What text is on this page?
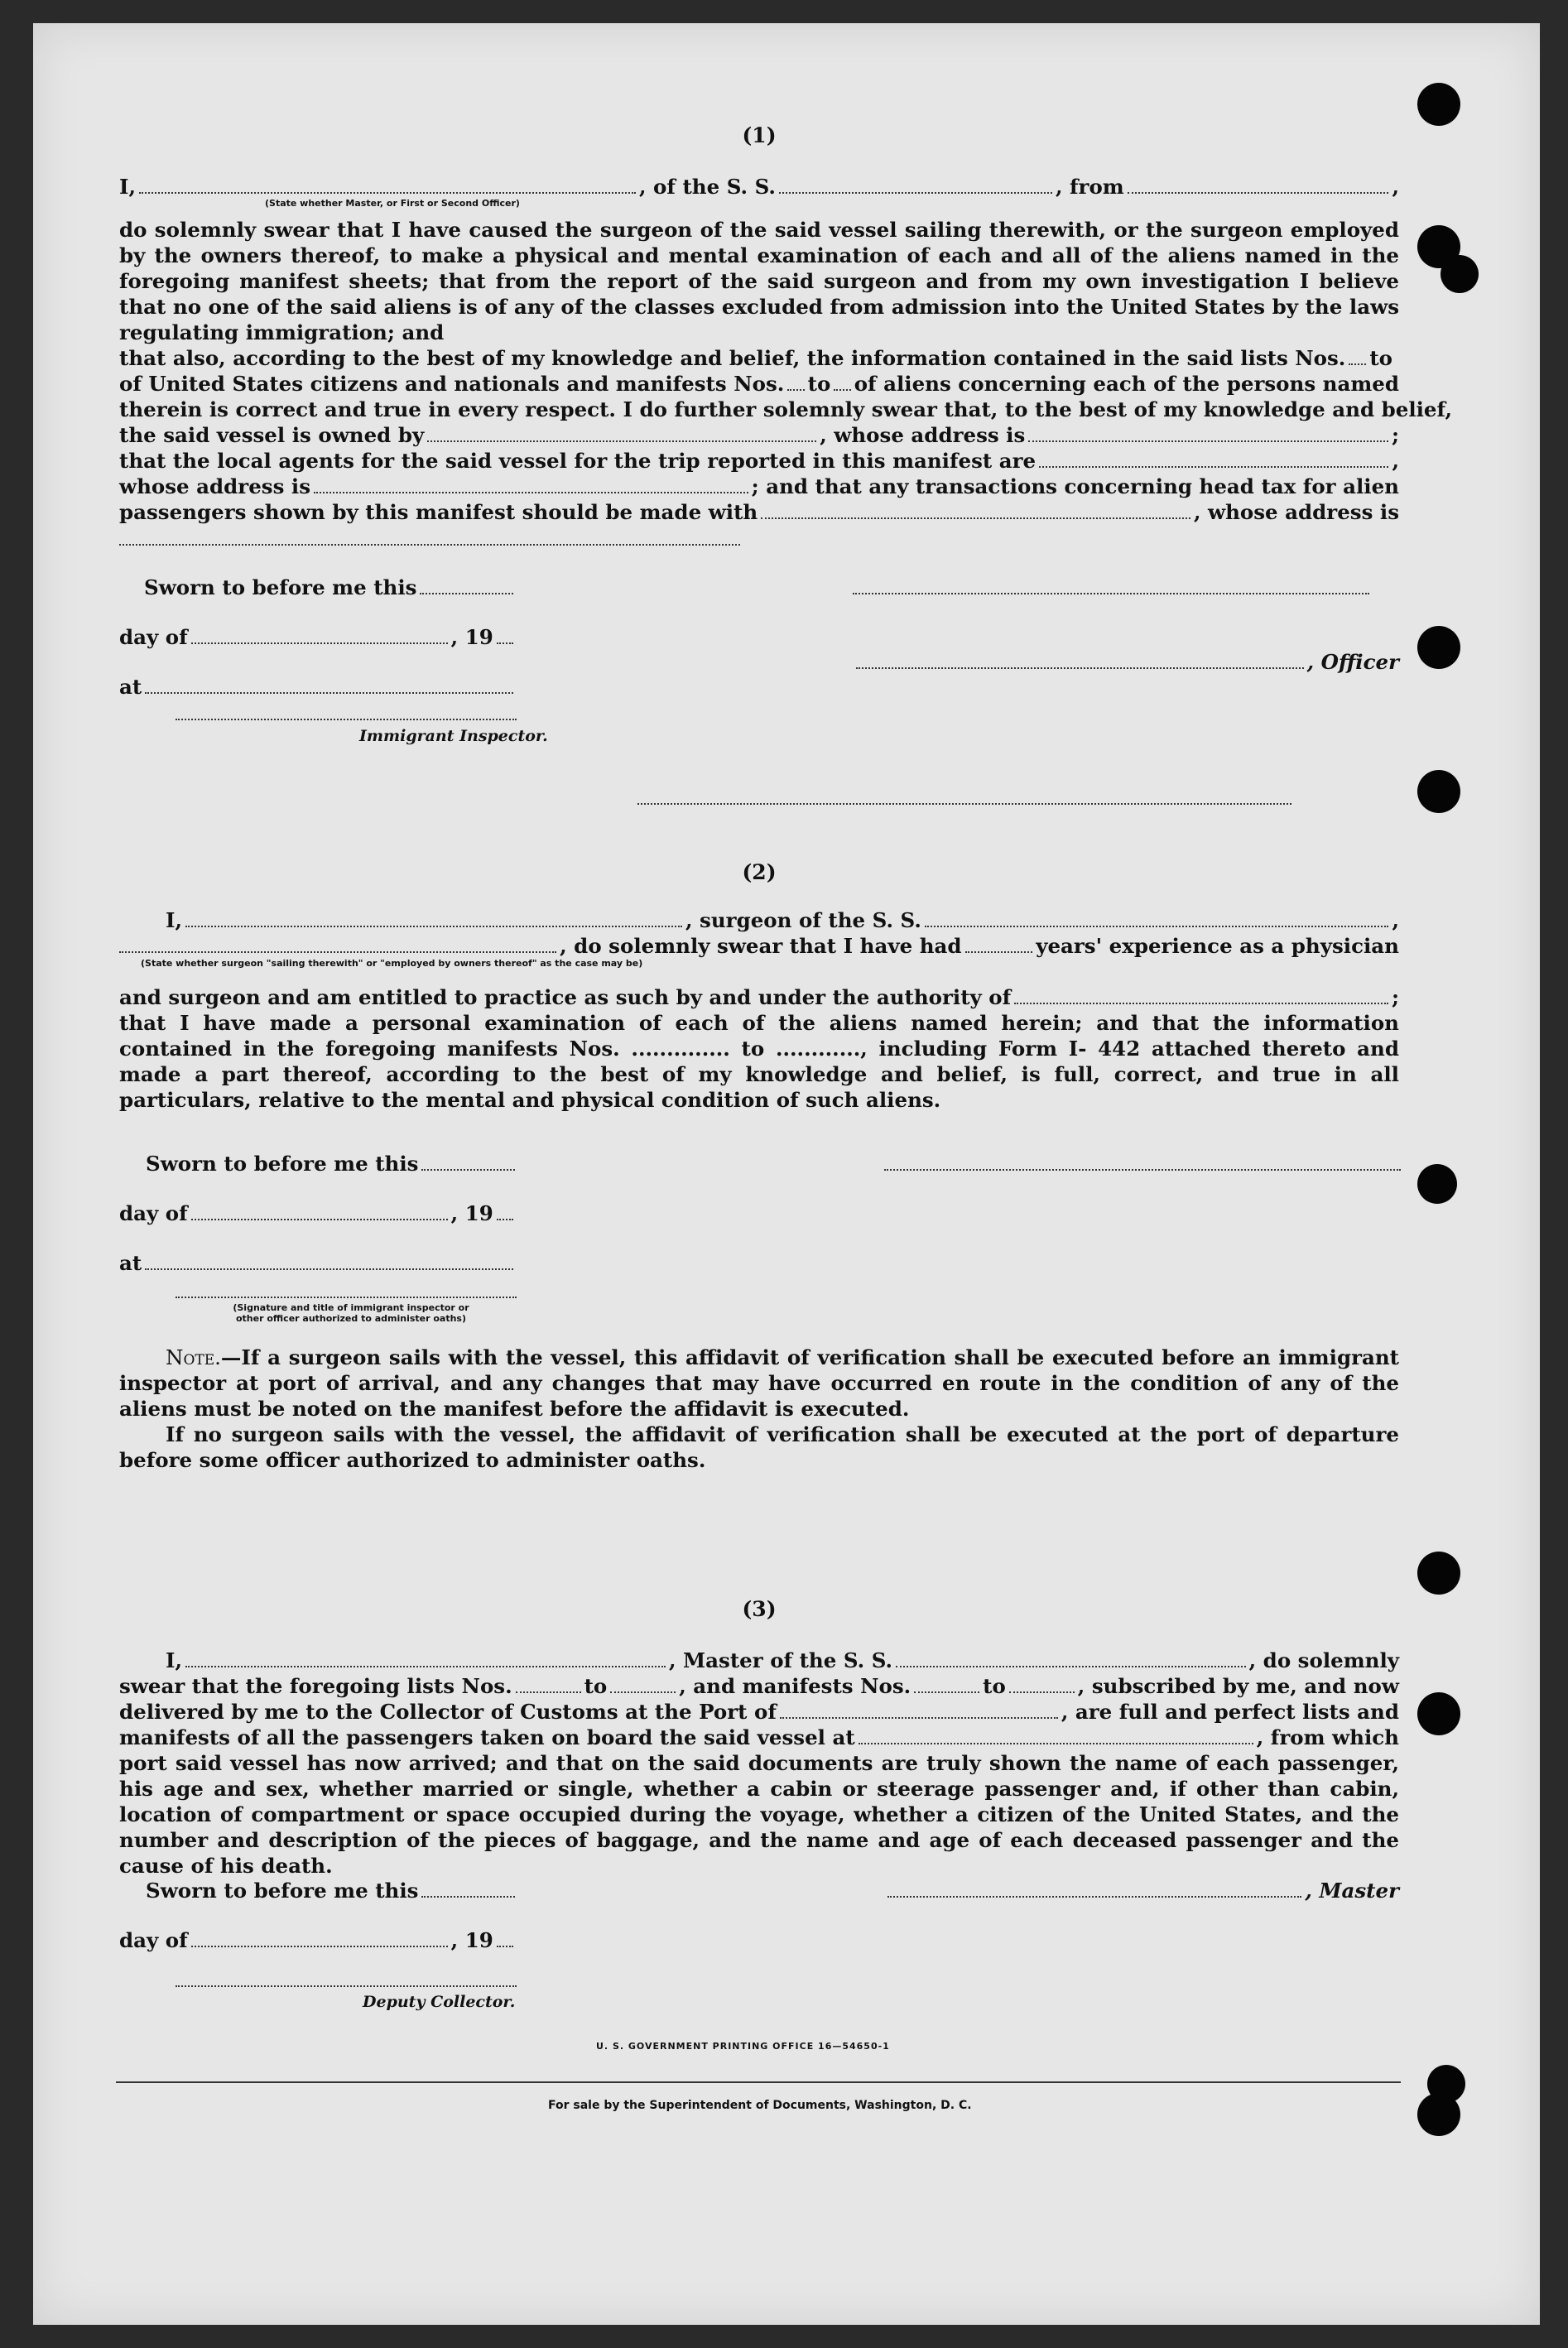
(1)
I,	, of the S. S.	, from	,
(State whether Master, or First or Second Officer)
do solemnly swear that I have caused the surgeon of the said vessel sailing therewith, or the surgeon employed by the owners thereof, to make a physical and mental examination of each and all of the aliens named in the foregoing manifest sheets; that from the report of the said surgeon and from my own investigation I believe that no one of the said aliens is of any of the classes excluded from admission into the United States by the laws regulating immigration; and
that also, according to the best of my knowledge and belief, the information contained in the said lists Nos. to
of United States citizens and nationals and manifests Nos. to of aliens concerning each of the persons named
therein is correct and true in every respect. I do further solemnly swear that, to the best of my knowledge and belief,
the said vessel is owned by	, whose address is	;
that the local agents for the said vessel for the trip reported in this manifest are	,
whose address is	; and that any transactions concerning head tax for alien
passengers shown by this manifest should be made with	, whose address is
Sworn to before me this
day of	, 19
, Officer
at
Immigrant Inspector.
(2)
I,	, surgeon of the S. S.	,
, do solemnly swear that I have had	years' experience as a physician
(State whether surgeon "sailing therewith" or "employed by owners thereof" as the case may be)
and surgeon and am entitled to practice as such by and under the authority of	;
that I have made a personal examination of each of the aliens named herein; and that the information contained in the foregoing manifests Nos. .............. to ............, including Form I- 442 attached thereto and made a part thereof, according to the best of my knowledge and belief, is full, correct, and true in all particulars, relative to the mental and physical condition of such aliens.
Sworn to before me this
day of	, 19
at
(Signature and title of immigrant inspector or other officer authorized to administer oaths)
Note.—If a surgeon sails with the vessel, this affidavit of verification shall be executed before an immigrant inspector at port of arrival, and any changes that may have occurred en route in the condition of any of the aliens must be noted on the manifest before the affidavit is executed.
If no surgeon sails with the vessel, the affidavit of verification shall be executed at the port of departure before some officer authorized to administer oaths.
(3)
I,	, Master of the S. S.	, do solemnly
swear that the foregoing lists Nos.	to	, and manifests Nos.	to	, subscribed by me, and now
delivered by me to the Collector of Customs at the Port of	, are full and perfect lists and
manifests of all the passengers taken on board the said vessel at	, from which
port said vessel has now arrived; and that on the said documents are truly shown the name of each passenger, his age and sex, whether married or single, whether a cabin or steerage passenger and, if other than cabin, location of compartment or space occupied during the voyage, whether a citizen of the United States, and the number and description of the pieces of baggage, and the name and age of each deceased passenger and the cause of his death.
Sworn to before me this	, Master
day of	, 19
Deputy Collector.
U. S. GOVERNMENT PRINTING OFFICE 16—54650-1
For sale by the Superintendent of Documents, Washington, D. C.
